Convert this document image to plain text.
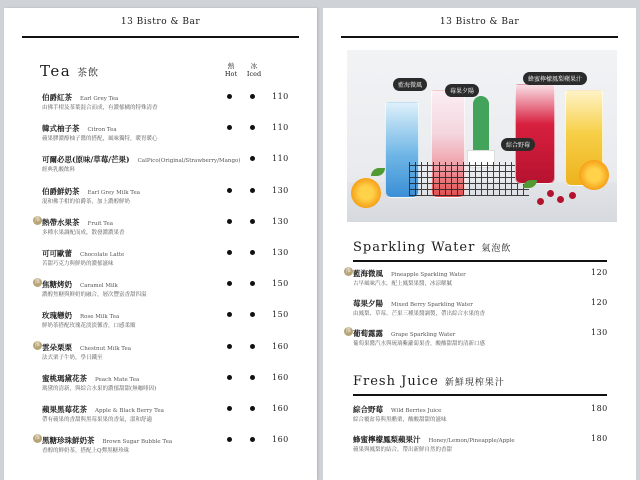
13 Bistro & Bar
Tea 茶飲
熱
Hot
冰
Iced
伯爵紅茶 Earl Grey Tea
由佛手柑及茶葉混合而成，有濃郁橘的特殊清香
110
韓式柚子茶 Citron Tea
蘋果膠濃醇柚子醬的搭配，風味獨特，暖胃暖心
110
可爾必思(原味/草莓/芒果) CalPico(Original/Strawberry/Mango)
經典乳酸飲料
110
伯爵鮮奶茶 Earl Grey Milk Tea
混和佛手柑的伯爵茶，加上濃醇鮮奶
130
推 熱帶水果茶 Fruit Tea
多種水果調配而成，散發濃濃果香
130
可可歐蕾 Chocolate Latte
苦甜巧克力與鮮奶的濃郁滋味
130
推 焦糖烤奶 Caramel Milk
濃醇焦糖與鮮奶的融合，層次豐富香甜四溢
150
玫瑰戀奶 Rose Milk Tea
鮮奶茶搭配玫瑰花淡淡馨香，口感柔順
150
推 雲朵栗栗 Chestnut Milk Tea
法式栗子牛奶，學日鐵至
160
蜜桃瑪黛花茶 Peach Mate Tea
瑪黛的清新，與綜合水果的濃郁甜甜(無咖啡因)
160
蘋果黑莓花茶 Apple & Black Berry Tea
帶有蘋果的香甜與黑莓果果的香氣，溫和舒適
160
推 黑糖珍珠鮮奶茶 Brown Sugar Bubble Tea
香醇的鮮奶茶，搭配上Q彈黑糖珍珠
160
13 Bistro & Bar
藍海微風
莓果夕陽
蜂蜜檸檬鳳梨蘋果汁
綜合野莓
Sparkling Water 氣泡飲
推 藍海微風 Pineapple Sparkling Water
古早風味汽水，配上鳳梨果醬，冰涼解膩
120
莓果夕陽 Mixed Berry Sparkling Water
由鳳梨、草莓、芒果三種果醬調製，帶出綜合水果的香
120
推 葡萄露露 Grape Sparkling Water
葡萄果醬汽水與琉璃紫蘿蔔果香，酸酸甜甜的清新口感
130
Fresh Juice 新鮮現榨果汁
綜合野莓 Wild Berries Juice
綜合覆盆莓與黑醋栗，酸酸甜甜的滋味
180
蜂蜜檸檬鳳梨蘋果汁 Honey/Lemon/Pineapple/Apple
蘋果與鳳梨的結合，帶出新鮮自然的香甜
180
